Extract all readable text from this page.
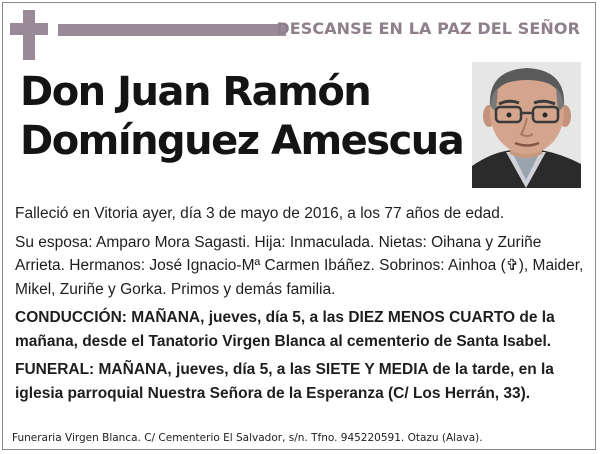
DESCANSE EN LA PAZ DEL SEÑOR
Don Juan Ramón
Domínguez Amescua

Falleció en Vitoria ayer, día 3 de mayo de 2016, a los 77 años de edad.

Su esposa: Amparo Mora Sagasti. Hija: Inmaculada. Nietas: Oihana y Zuriñe Arrieta. Hermanos: José Ignacio-Mª Carmen Ibáñez. Sobrinos: Ainhoa (✞), Maider, Mikel, Zuriñe y Gorka. Primos y demás familia.

CONDUCCIÓN: MAÑANA, jueves, día 5, a las DIEZ MENOS CUARTO de la mañana, desde el Tanatorio Virgen Blanca al cementerio de Santa Isabel.

FUNERAL: MAÑANA, jueves, día 5, a las SIETE Y MEDIA de la tarde, en la iglesia parroquial Nuestra Señora de la Esperanza (C/ Los Herrán, 33).

Funeraria Virgen Blanca. C/ Cementerio El Salvador, s/n. Tfno. 945220591. Otazu (Alava).
